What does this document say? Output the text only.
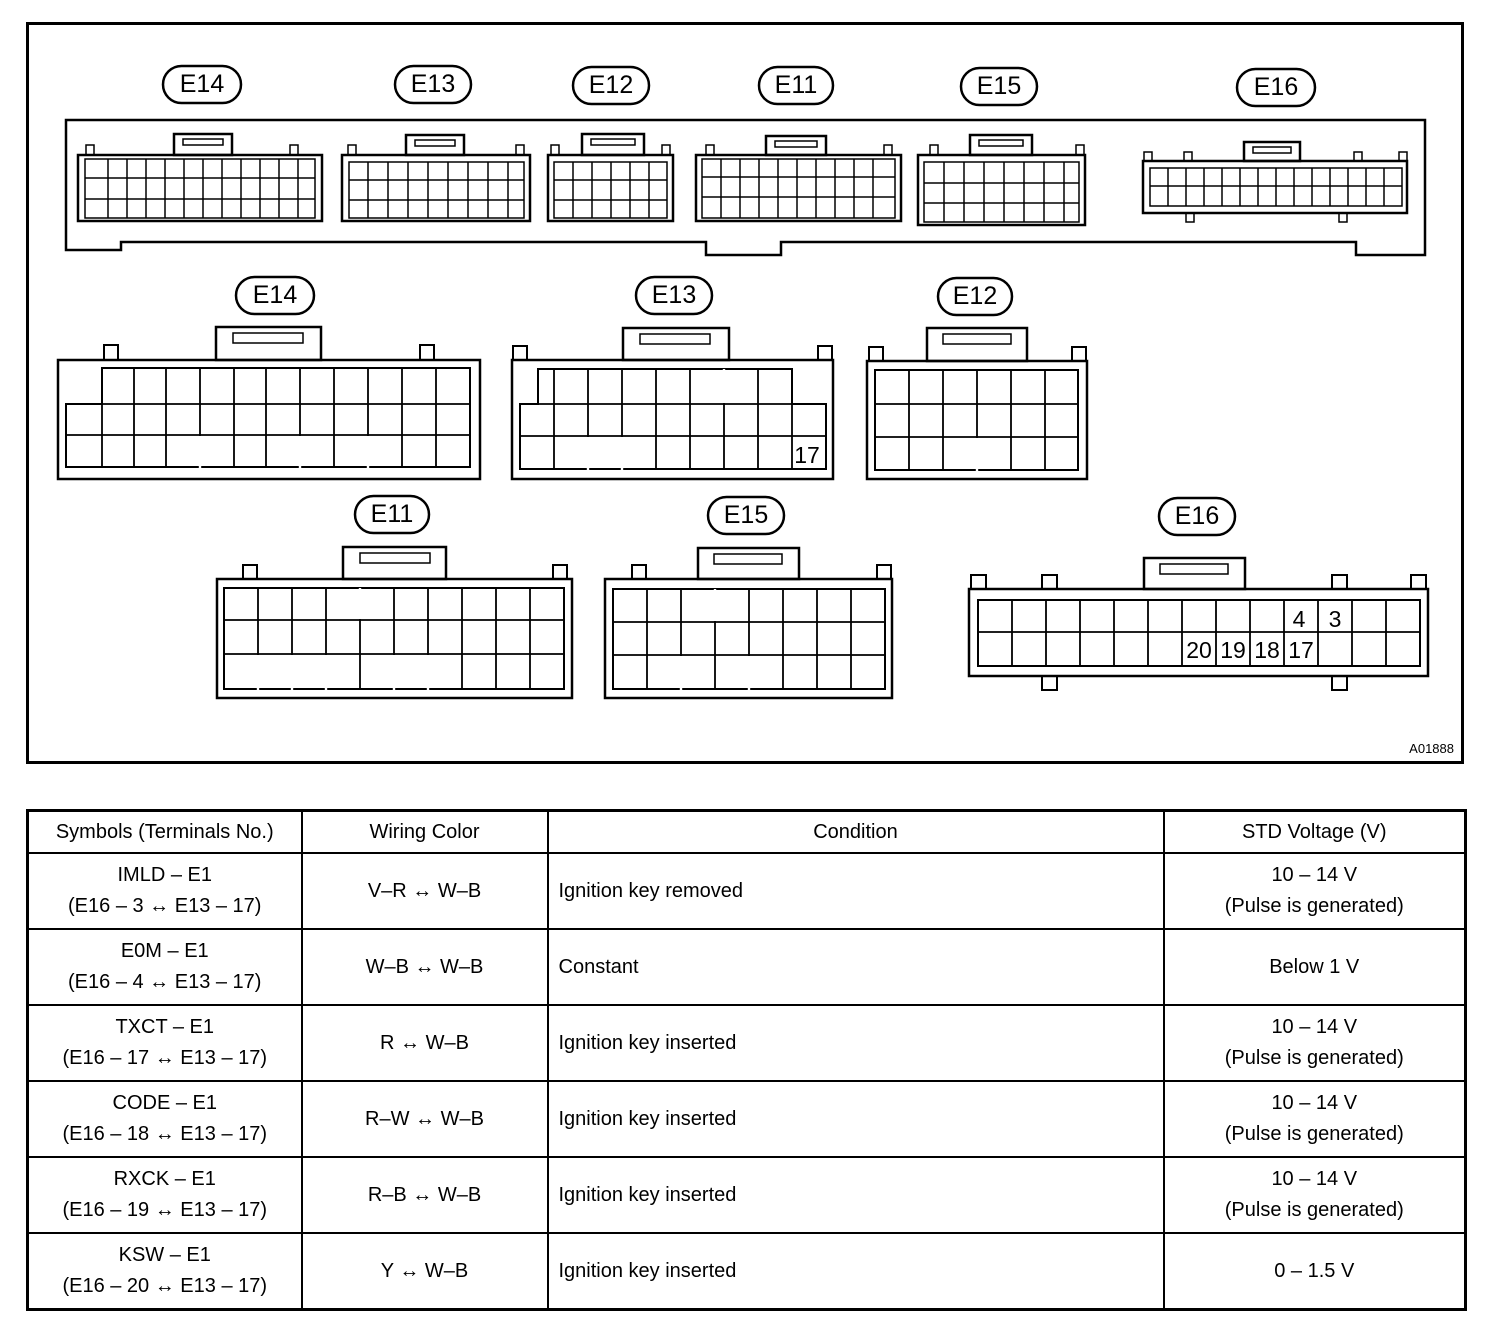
E14	E13	E12	E11	E15	E16
E14	E13
17
E12
E11	E15	E16
4 3
20 19 18 17
A01888
Symbols (Terminals No.)	Wiring Color	Condition	STD Voltage (V)

IMLD – E1
(E16 – 3 ↔ E13 – 17)	V–R ↔ W–B	Ignition key removed	10 – 14 V
(Pulse is generated)

E0M – E1
(E16 – 4 ↔ E13 – 17)	W–B ↔ W–B	Constant	Below 1 V

TXCT – E1
(E16 – 17 ↔ E13 – 17)	R ↔ W–B	Ignition key inserted	10 – 14 V
(Pulse is generated)

CODE – E1
(E16 – 18 ↔ E13 – 17)	R–W ↔ W–B	Ignition key inserted	10 – 14 V
(Pulse is generated)

RXCK – E1
(E16 – 19 ↔ E13 – 17)	R–B ↔ W–B	Ignition key inserted	10 – 14 V
(Pulse is generated)

KSW – E1
(E16 – 20 ↔ E13 – 17)	Y ↔ W–B	Ignition key inserted	0 – 1.5 V
